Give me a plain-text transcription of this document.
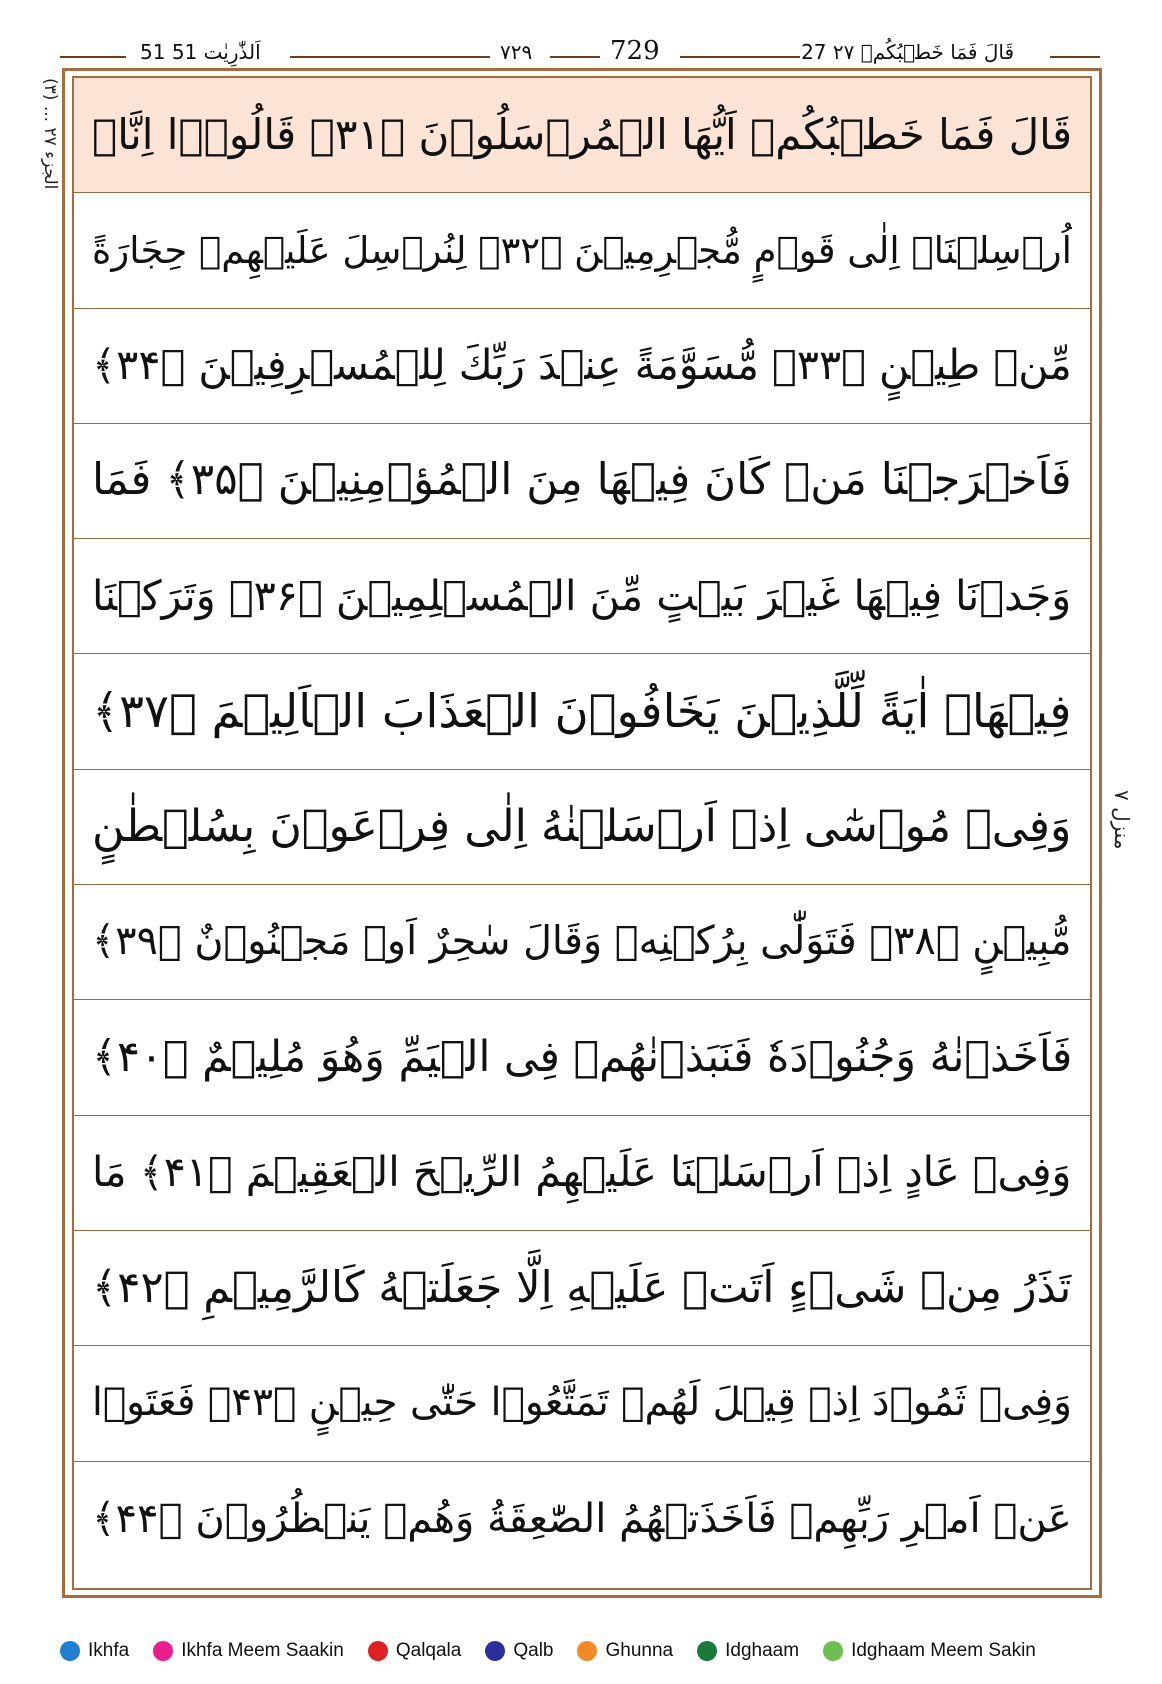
51 اَلذّٰرِيٰت 51	۷۲۹	729	27 قَالَ فَمَا خَطۡبُكُمۡ ۲۷
الجزء ٢٧ ... (٣)
منزل ٧
قَالَ فَمَا خَطۡبُكُمۡ اَيُّهَا الۡمُرۡسَلُوۡنَ ﴿۳۱﴾ قَالُوۡۤا اِنَّاۤ
اُرۡسِلۡنَاۤ اِلٰى قَوۡمٍ مُّجۡرِمِيۡنَ ﴿۳۲﴾ لِنُرۡسِلَ عَلَيۡهِمۡ حِجَارَةً
مِّنۡ طِيۡنٍ ﴿۳۳﴾ مُّسَوَّمَةً عِنۡدَ رَبِّكَ لِلۡمُسۡرِفِيۡنَ ﴿۳۴﴾
فَاَخۡرَجۡنَا مَنۡ كَانَ فِيۡهَا مِنَ الۡمُؤۡمِنِيۡنَ ﴿۳۵﴾ فَمَا
وَجَدۡنَا فِيۡهَا غَيۡرَ بَيۡتٍ مِّنَ الۡمُسۡلِمِيۡنَ ﴿۳۶﴾ وَتَرَكۡنَا
فِيۡهَاۤ اٰيَةً لِّلَّذِيۡنَ يَخَافُوۡنَ الۡعَذَابَ الۡاَلِيۡمَ ﴿۳۷﴾
وَفِىۡ مُوۡسٰٓى اِذۡ اَرۡسَلۡنٰهُ اِلٰى فِرۡعَوۡنَ بِسُلۡطٰنٍ
مُّبِيۡنٍ ﴿۳۸﴾ فَتَوَلّٰى بِرُكۡنِهٖ وَقَالَ سٰحِرٌ اَوۡ مَجۡنُوۡنٌ ﴿۳۹﴾
فَاَخَذۡنٰهُ وَجُنُوۡدَهٗ فَنَبَذۡنٰهُمۡ فِى الۡيَمِّ وَهُوَ مُلِيۡمٌ ﴿۴۰﴾
وَفِىۡ عَادٍ اِذۡ اَرۡسَلۡنَا عَلَيۡهِمُ الرِّيۡحَ الۡعَقِيۡمَ ﴿۴۱﴾ مَا
تَذَرُ مِنۡ شَىۡءٍ اَتَتۡ عَلَيۡهِ اِلَّا جَعَلَتۡهُ كَالرَّمِيۡمِ ﴿۴۲﴾
وَفِىۡ ثَمُوۡدَ اِذۡ قِيۡلَ لَهُمۡ تَمَتَّعُوۡا حَتّٰى حِيۡنٍ ﴿۴۳﴾ فَعَتَوۡا
عَنۡ اَمۡرِ رَبِّهِمۡ فَاَخَذَتۡهُمُ الصّٰعِقَةُ وَهُمۡ يَنۡظُرُوۡنَ ﴿۴۴﴾
Ikhfa	Ikhfa Meem Saakin	Qalqala	Qalb	Ghunna	Idghaam	Idghaam Meem Sakin
